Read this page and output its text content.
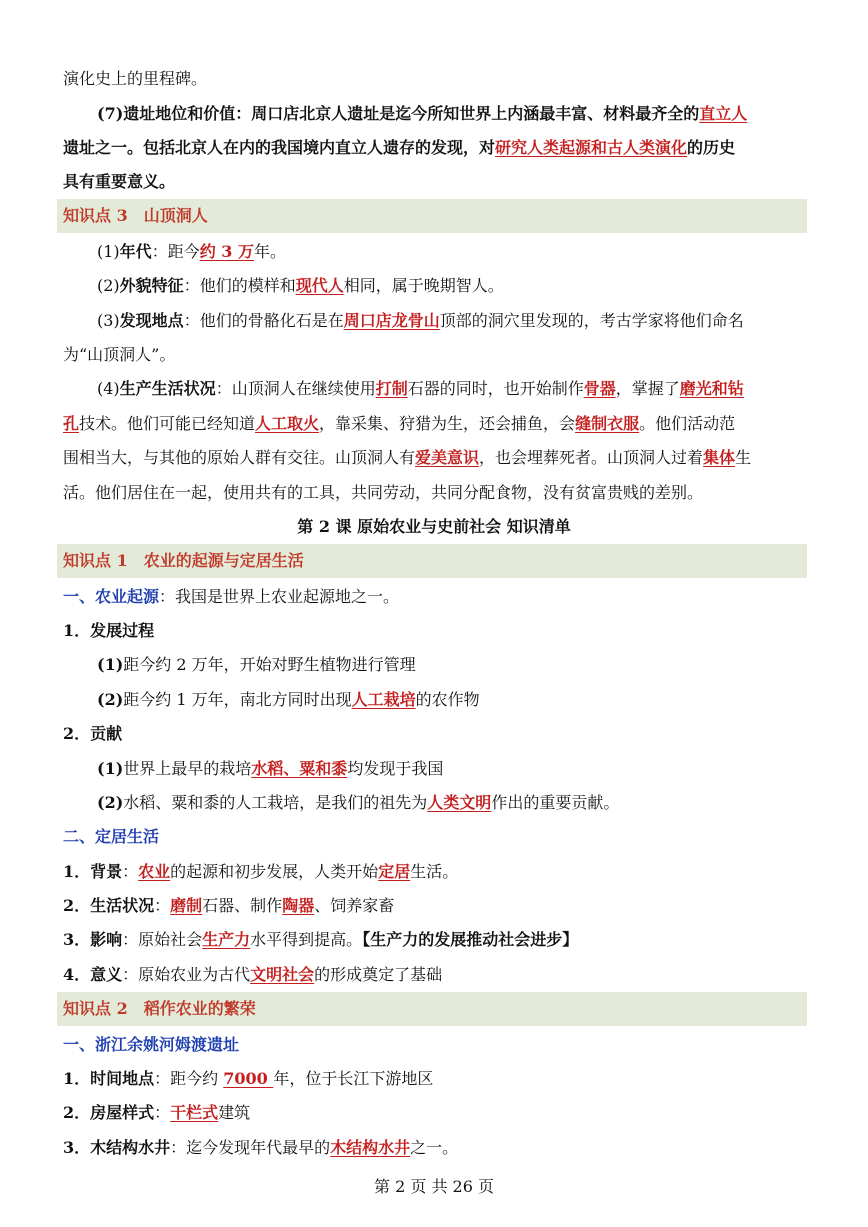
演化史上的里程碑。
(7)遗址地位和价值：周口店北京人遗址是迄今所知世界上内涵最丰富、材料最齐全的直立人
遗址之一。包括北京人在内的我国境内直立人遗存的发现，对研究人类起源和古人类演化的历史
具有重要意义。
知识点 3　山顶洞人
(1)年代：距今约 3 万年。
(2)外貌特征：他们的模样和现代人相同，属于晚期智人。
(3)发现地点：他们的骨骼化石是在周口店龙骨山顶部的洞穴里发现的，考古学家将他们命名
为“山顶洞人”。
(4)生产生活状况：山顶洞人在继续使用打制石器的同时，也开始制作骨器，掌握了磨光和钻
孔技术。他们可能已经知道人工取火，靠采集、狩猎为生，还会捕鱼，会缝制衣服。他们活动范
围相当大，与其他的原始人群有交往。山顶洞人有爱美意识，也会埋葬死者。山顶洞人过着集体生
活。他们居住在一起，使用共有的工具，共同劳动，共同分配食物，没有贫富贵贱的差别。
第 2 课 原始农业与史前社会 知识清单
知识点 1　农业的起源与定居生活
一、农业起源：我国是世界上农业起源地之一。
1．发展过程
(1)距今约 2 万年，开始对野生植物进行管理
(2)距今约 1 万年，南北方同时出现人工栽培的农作物
2．贡献
(1)世界上最早的栽培水稻、粟和黍均发现于我国
(2)水稻、粟和黍的人工栽培，是我们的祖先为人类文明作出的重要贡献。
二、定居生活
1．背景：农业的起源和初步发展，人类开始定居生活。
2．生活状况：磨制石器、制作陶器、饲养家畜
3．影响：原始社会生产力水平得到提高。【生产力的发展推动社会进步】
4．意义：原始农业为古代文明社会的形成奠定了基础
知识点 2　稻作农业的繁荣
一、浙江余姚河姆渡遗址
1．时间地点：距今约 7000 年，位于长江下游地区
2．房屋样式：干栏式建筑
3．木结构水井：迄今发现年代最早的木结构水井之一。
第 2 页 共 26 页
